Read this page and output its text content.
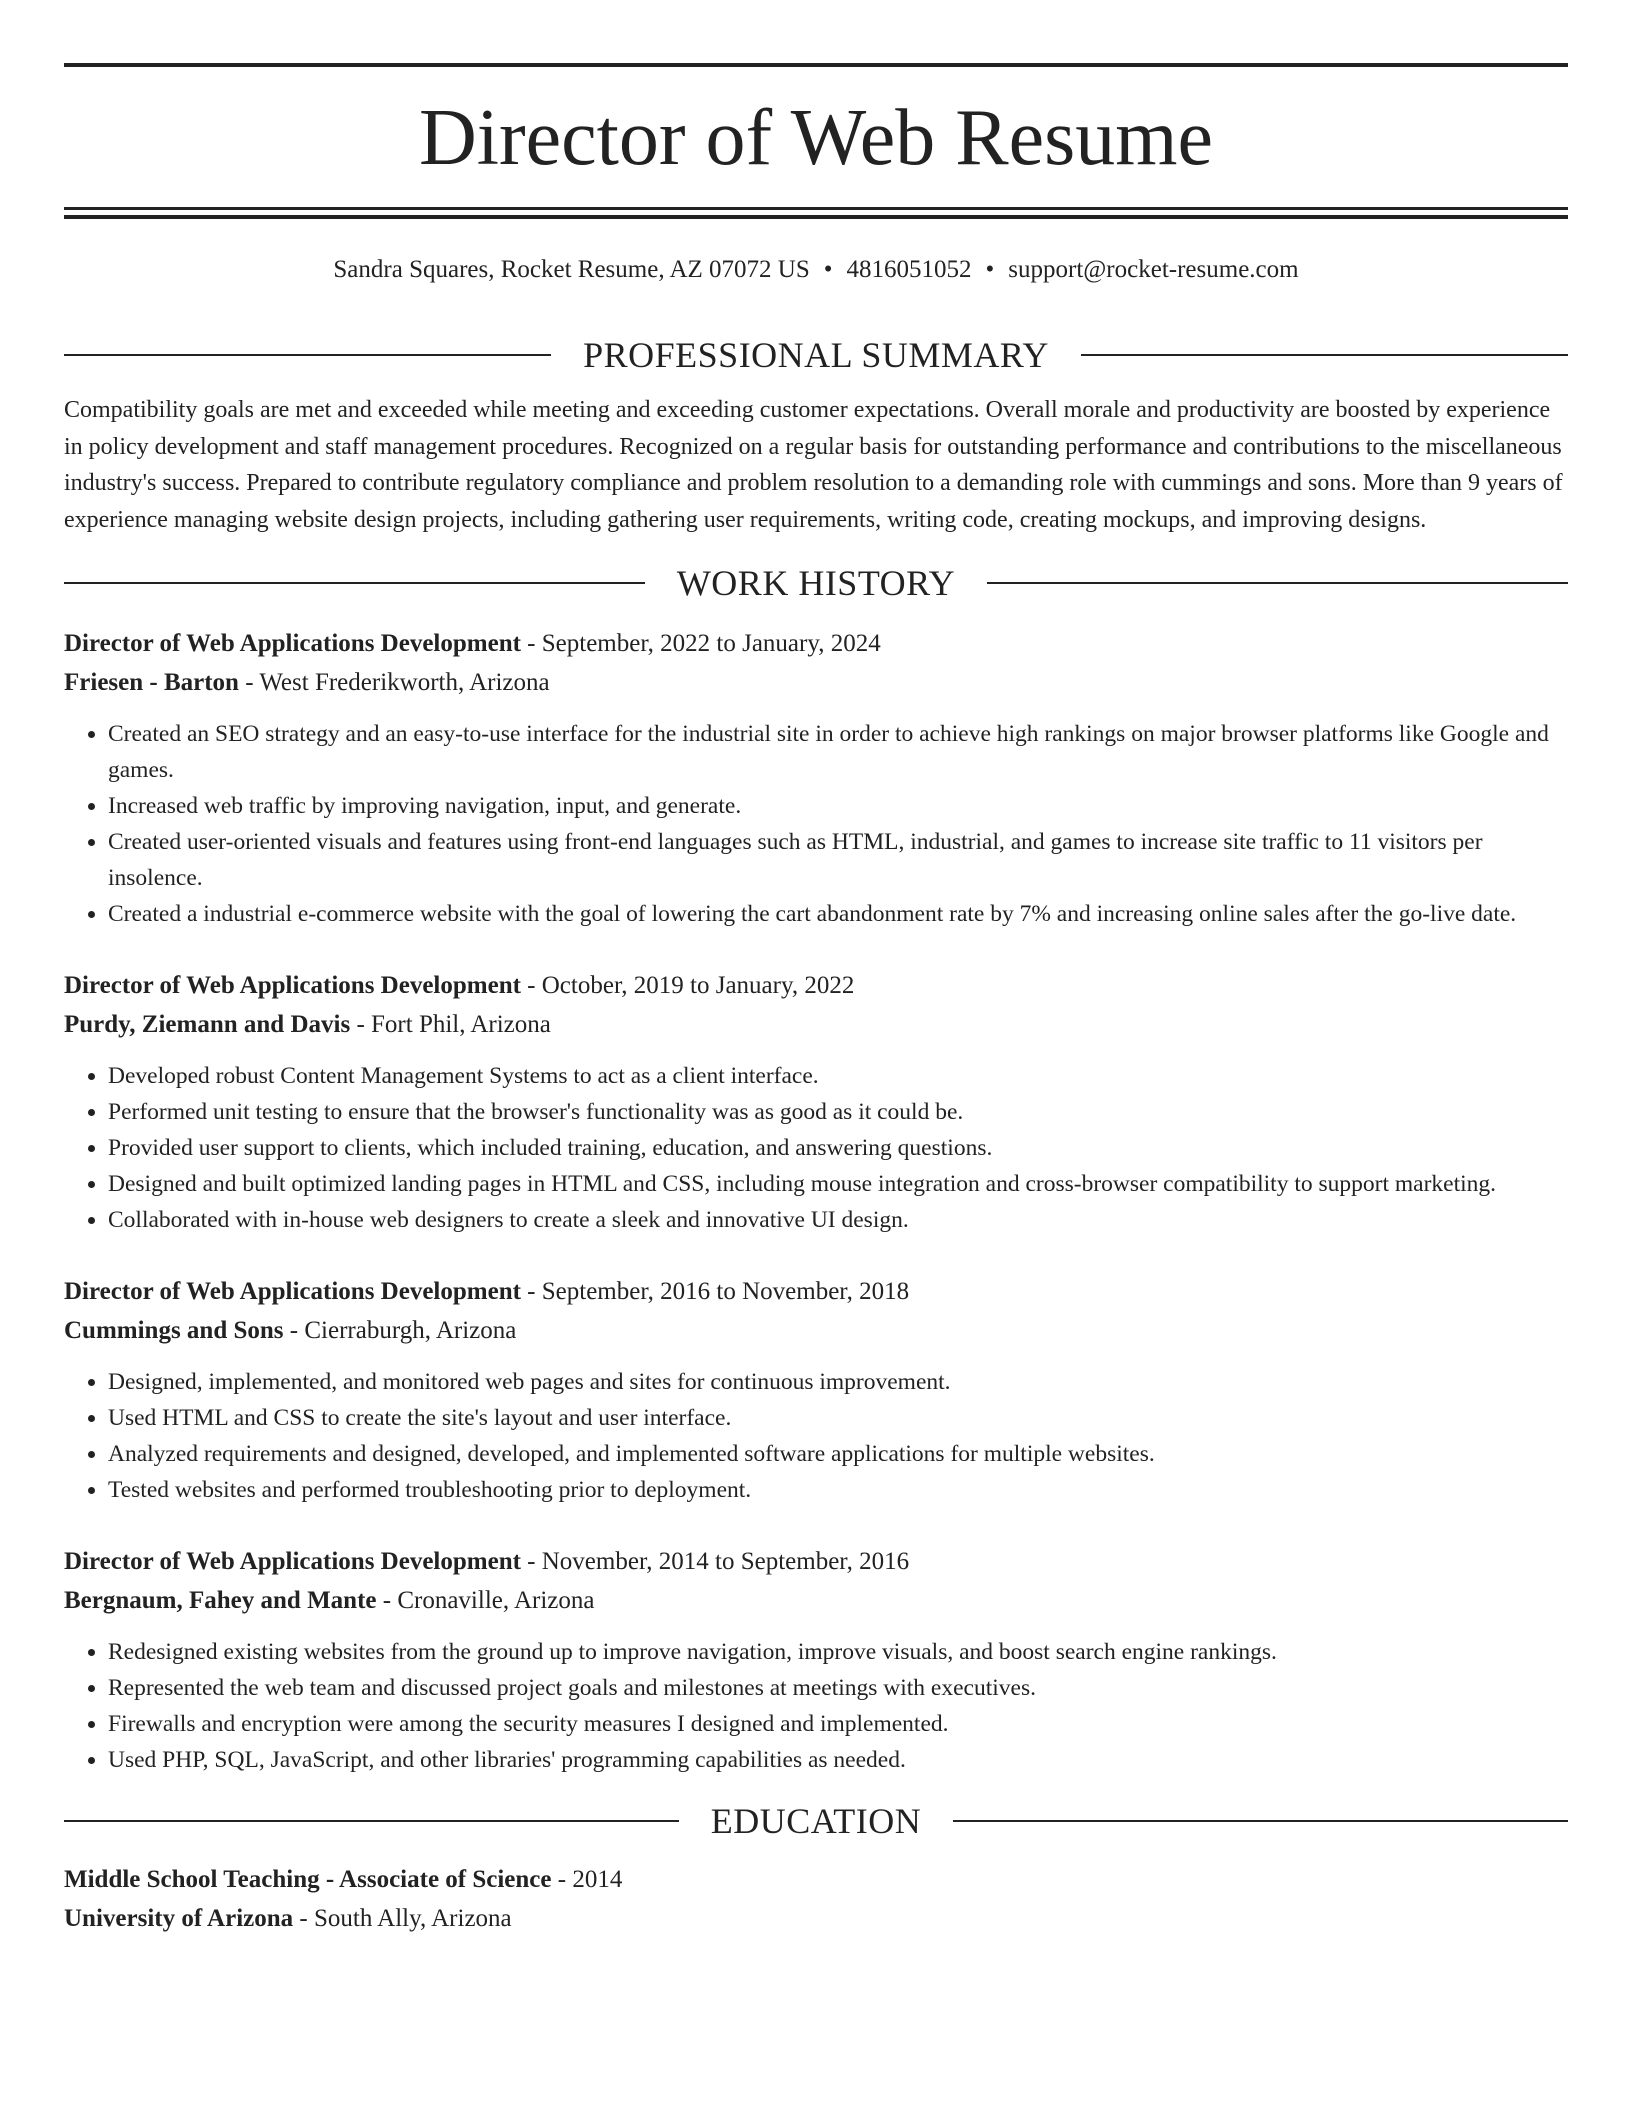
Director of Web Resume
Sandra Squares, Rocket Resume, AZ 07072 US • 4816051052 • support@rocket-resume.com
PROFESSIONAL SUMMARY

Compatibility goals are met and exceeded while meeting and exceeding customer expectations. Overall morale and productivity are boosted by experience in policy development and staff management procedures. Recognized on a regular basis for outstanding performance and contributions to the miscellaneous industry's success. Prepared to contribute regulatory compliance and problem resolution to a demanding role with cummings and sons. More than 9 years of experience managing website design projects, including gathering user requirements, writing code, creating mockups, and improving designs.

WORK HISTORY
Director of Web Applications Development - September, 2022 to January, 2024
Friesen - Barton - West Frederikworth, Arizona
• Created an SEO strategy and an easy-to-use interface for the industrial site in order to achieve high rankings on major browser platforms like Google and games.
• Increased web traffic by improving navigation, input, and generate.
• Created user-oriented visuals and features using front-end languages such as HTML, industrial, and games to increase site traffic to 11 visitors per insolence.
• Created a industrial e-commerce website with the goal of lowering the cart abandonment rate by 7% and increasing online sales after the go-live date.
Director of Web Applications Development - October, 2019 to January, 2022
Purdy, Ziemann and Davis - Fort Phil, Arizona
• Developed robust Content Management Systems to act as a client interface.
• Performed unit testing to ensure that the browser's functionality was as good as it could be.
• Provided user support to clients, which included training, education, and answering questions.
• Designed and built optimized landing pages in HTML and CSS, including mouse integration and cross-browser compatibility to support marketing.
• Collaborated with in-house web designers to create a sleek and innovative UI design.
Director of Web Applications Development - September, 2016 to November, 2018
Cummings and Sons - Cierraburgh, Arizona
• Designed, implemented, and monitored web pages and sites for continuous improvement.
• Used HTML and CSS to create the site's layout and user interface.
• Analyzed requirements and designed, developed, and implemented software applications for multiple websites.
• Tested websites and performed troubleshooting prior to deployment.
Director of Web Applications Development - November, 2014 to September, 2016
Bergnaum, Fahey and Mante - Cronaville, Arizona
• Redesigned existing websites from the ground up to improve navigation, improve visuals, and boost search engine rankings.
• Represented the web team and discussed project goals and milestones at meetings with executives.
• Firewalls and encryption were among the security measures I designed and implemented.
• Used PHP, SQL, JavaScript, and other libraries' programming capabilities as needed.
EDUCATION
Middle School Teaching - Associate of Science - 2014
University of Arizona - South Ally, Arizona
